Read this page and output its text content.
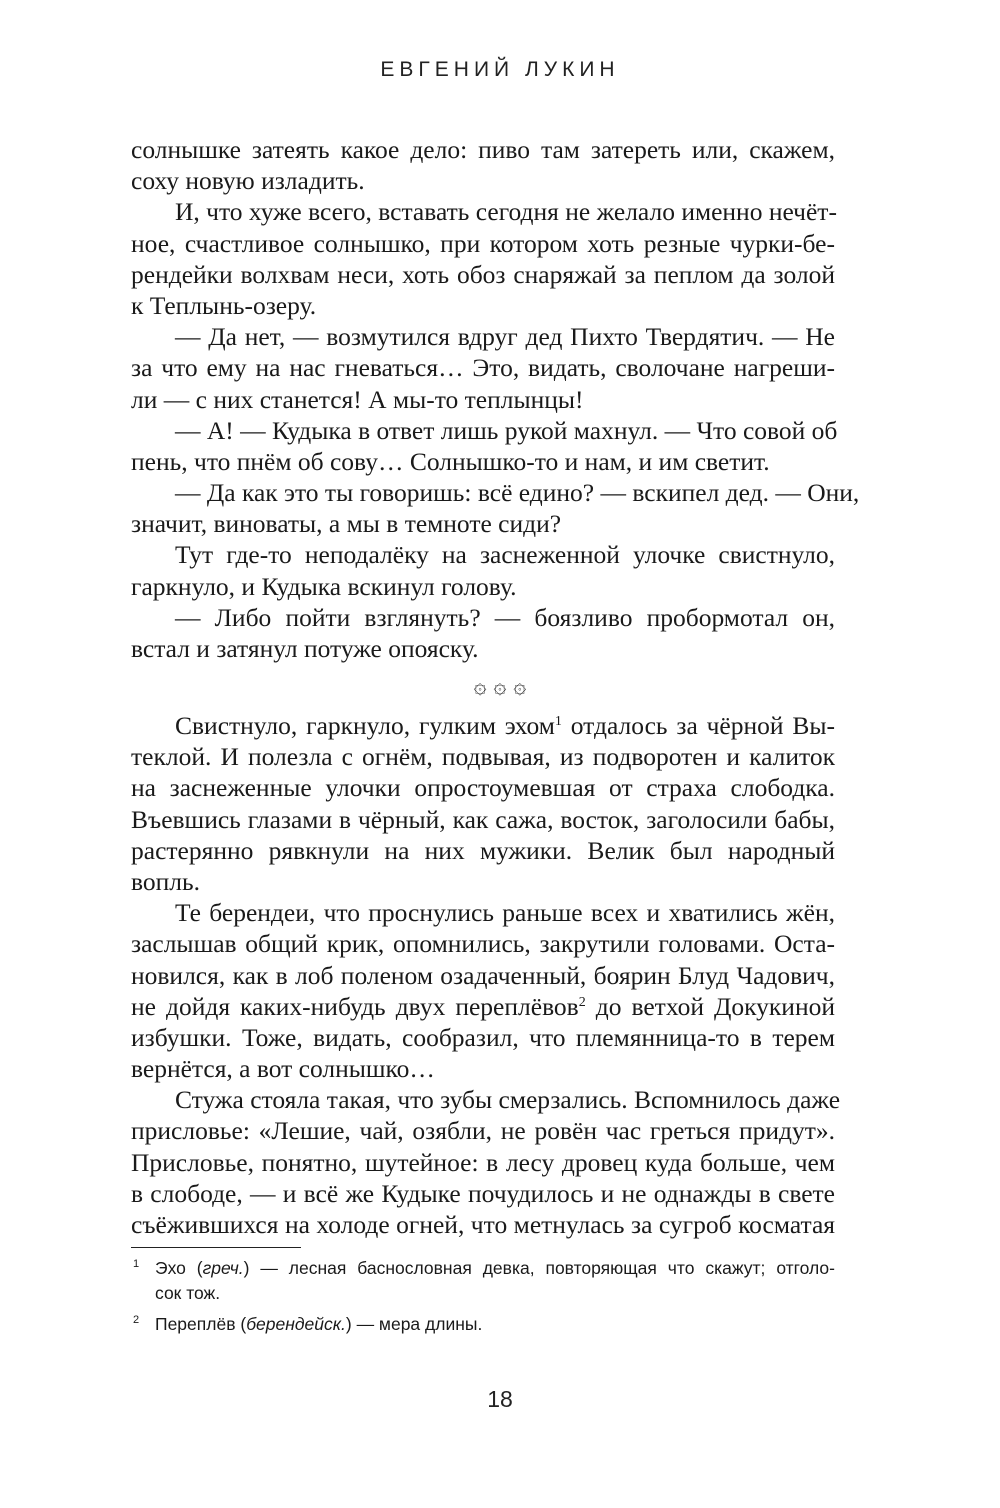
ЕВГЕНИЙ ЛУКИН
солнышке затеять какое дело: пиво там затереть или, скажем,
соху новую изладить.
И, что хуже всего, вставать сегодня не желало именно нечёт-
ное, счастливое солнышко, при котором хоть резные чурки-бе-
рендейки волхвам неси, хоть обоз снаряжай за пеплом да золой
к Теплынь-озеру.
— Да нет, — возмутился вдруг дед Пихто Твердятич. — Не
за что ему на нас гневаться… Это, видать, сволочане нагреши-
ли — с них станется! А мы-то теплынцы!
— А! — Кудыка в ответ лишь рукой махнул. — Что совой об
пень, что пнём об сову… Солнышко-то и нам, и им светит.
— Да как это ты говоришь: всё едино? — вскипел дед. — Они,
значит, виноваты, а мы в темноте сиди?
Тут где-то неподалёку на заснеженной улочке свистнуло,
гаркнуло, и Кудыка вскинул голову.
— Либо пойти взглянуть? — боязливо пробормотал он,
встал и затянул потуже опояску.
۞ ۞ ۞
Свистнуло, гаркнуло, гулким эхом$^1$ отдалось за чёрной Вы-
теклой. И полезла с огнём, подвывая, из подворотен и калиток
на заснеженные улочки опростоумевшая от страха слободка.
Въевшись глазами в чёрный, как сажа, восток, заголосили бабы,
растерянно рявкнули на них мужики. Велик был народный
вопль.
Те берендеи, что проснулись раньше всех и хватились жён,
заслышав общий крик, опомнились, закрутили головами. Оста-
новился, как в лоб поленом озадаченный, боярин Блуд Чадович,
не дойдя каких-нибудь двух переплёвов$^2$ до ветхой Докукиной
избушки. Тоже, видать, сообразил, что племянница-то в терем
вернётся, а вот солнышко…
Стужа стояла такая, что зубы смерзались. Вспомнилось даже
присловье: «Лешие, чай, озябли, не ровён час греться придут».
Присловье, понятно, шутейное: в лесу дровец куда больше, чем
в слободе, — и всё же Кудыке почудилось и не однажды в свете
съёжившихся на холоде огней, что метнулась за сугроб косматая
1 Эхо (греч.) — лесная баснословная девка, повторяющая что скажут; отголо-
сок тож.
2 Переплёв (берендейск.) — мера длины.
18
